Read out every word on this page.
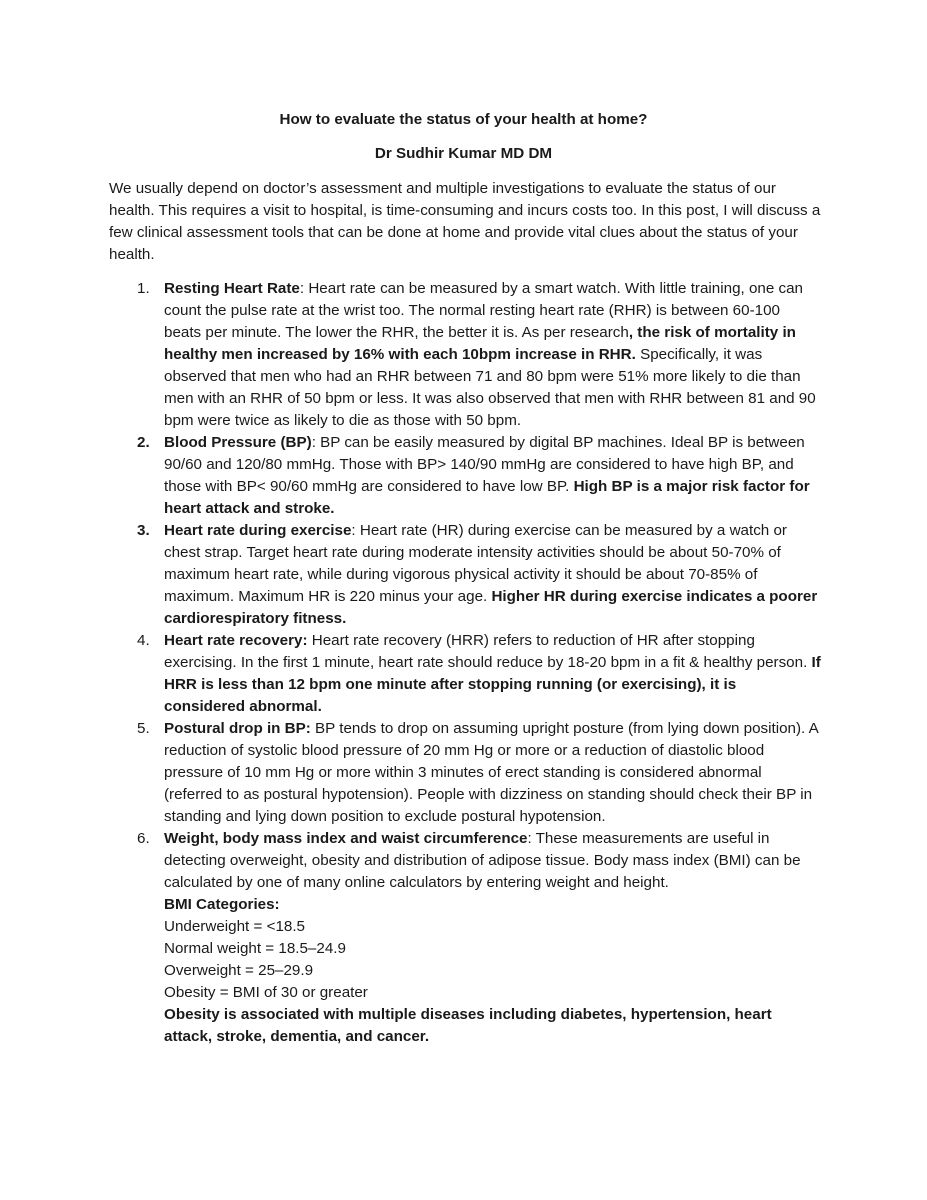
How to evaluate the status of your health at home?

Dr Sudhir Kumar MD DM

We usually depend on doctor’s assessment and multiple investigations to evaluate the status of our health. This requires a visit to hospital, is time-consuming and incurs costs too. In this post, I will discuss a few clinical assessment tools that can be done at home and provide vital clues about the status of your health.

1. Resting Heart Rate: Heart rate can be measured by a smart watch. With little training, one can count the pulse rate at the wrist too. The normal resting heart rate (RHR) is between 60-100 beats per minute. The lower the RHR, the better it is. As per research, the risk of mortality in healthy men increased by 16% with each 10bpm increase in RHR. Specifically, it was observed that men who had an RHR between 71 and 80 bpm were 51% more likely to die than men with an RHR of 50 bpm or less. It was also observed that men with RHR between 81 and 90 bpm were twice as likely to die as those with 50 bpm.
2. Blood Pressure (BP): BP can be easily measured by digital BP machines. Ideal BP is between 90/60 and 120/80 mmHg. Those with BP> 140/90 mmHg are considered to have high BP, and those with BP< 90/60 mmHg are considered to have low BP. High BP is a major risk factor for heart attack and stroke.
3. Heart rate during exercise: Heart rate (HR) during exercise can be measured by a watch or chest strap. Target heart rate during moderate intensity activities should be about 50-70% of maximum heart rate, while during vigorous physical activity it should be about 70-85% of maximum. Maximum HR is 220 minus your age. Higher HR during exercise indicates a poorer cardiorespiratory fitness.
4. Heart rate recovery: Heart rate recovery (HRR) refers to reduction of HR after stopping exercising. In the first 1 minute, heart rate should reduce by 18-20 bpm in a fit & healthy person. If HRR is less than 12 bpm one minute after stopping running (or exercising), it is considered abnormal.
5. Postural drop in BP: BP tends to drop on assuming upright posture (from lying down position). A reduction of systolic blood pressure of 20 mm Hg or more or a reduction of diastolic blood pressure of 10 mm Hg or more within 3 minutes of erect standing is considered abnormal (referred to as postural hypotension). People with dizziness on standing should check their BP in standing and lying down position to exclude postural hypotension.
6. Weight, body mass index and waist circumference: These measurements are useful in detecting overweight, obesity and distribution of adipose tissue. Body mass index (BMI) can be calculated by one of many online calculators by entering weight and height.
BMI Categories:
Underweight = <18.5
Normal weight = 18.5–24.9
Overweight = 25–29.9
Obesity = BMI of 30 or greater
Obesity is associated with multiple diseases including diabetes, hypertension, heart attack, stroke, dementia, and cancer.
